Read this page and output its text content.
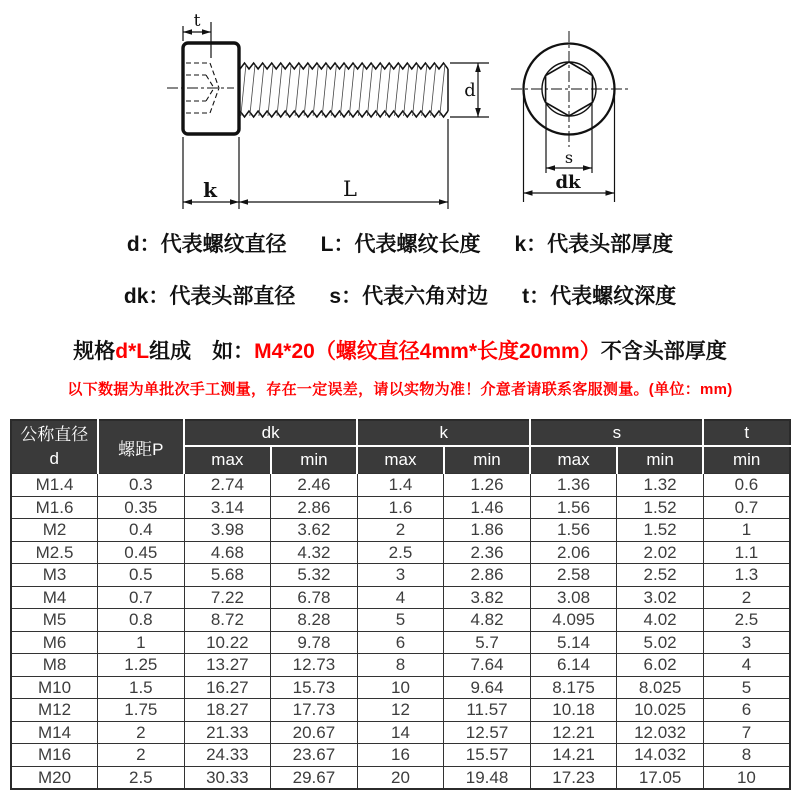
t
d
k	L
s
dk
d：代表螺纹直径 L：代表螺纹长度 k：代表头部厚度
dk：代表头部直径 s：代表六角对边 t：代表螺纹深度
规格d*L组成　如：M4*20（螺纹直径4mm*长度20mm）不含头部厚度
以下数据为单批次手工测量，存在一定误差，请以实物为准！介意者请联系客服测量。(单位：mm)
公称直径
d	螺距P	dk		k		s		t
		max	min	max	min	max	min	min
M1.4	0.3	2.74	2.46	1.4	1.26	1.36	1.32	0.6
M1.6	0.35	3.14	2.86	1.6	1.46	1.56	1.52	0.7
M2	0.4	3.98	3.62	2	1.86	1.56	1.52	1
M2.5	0.45	4.68	4.32	2.5	2.36	2.06	2.02	1.1
M3	0.5	5.68	5.32	3	2.86	2.58	2.52	1.3
M4	0.7	7.22	6.78	4	3.82	3.08	3.02	2
M5	0.8	8.72	8.28	5	4.82	4.095	4.02	2.5
M6	1	10.22	9.78	6	5.7	5.14	5.02	3
M8	1.25	13.27	12.73	8	7.64	6.14	6.02	4
M10	1.5	16.27	15.73	10	9.64	8.175	8.025	5
M12	1.75	18.27	17.73	12	11.57	10.18	10.025	6
M14	2	21.33	20.67	14	12.57	12.21	12.032	7
M16	2	24.33	23.67	16	15.57	14.21	14.032	8
M20	2.5	30.33	29.67	20	19.48	17.23	17.05	10
